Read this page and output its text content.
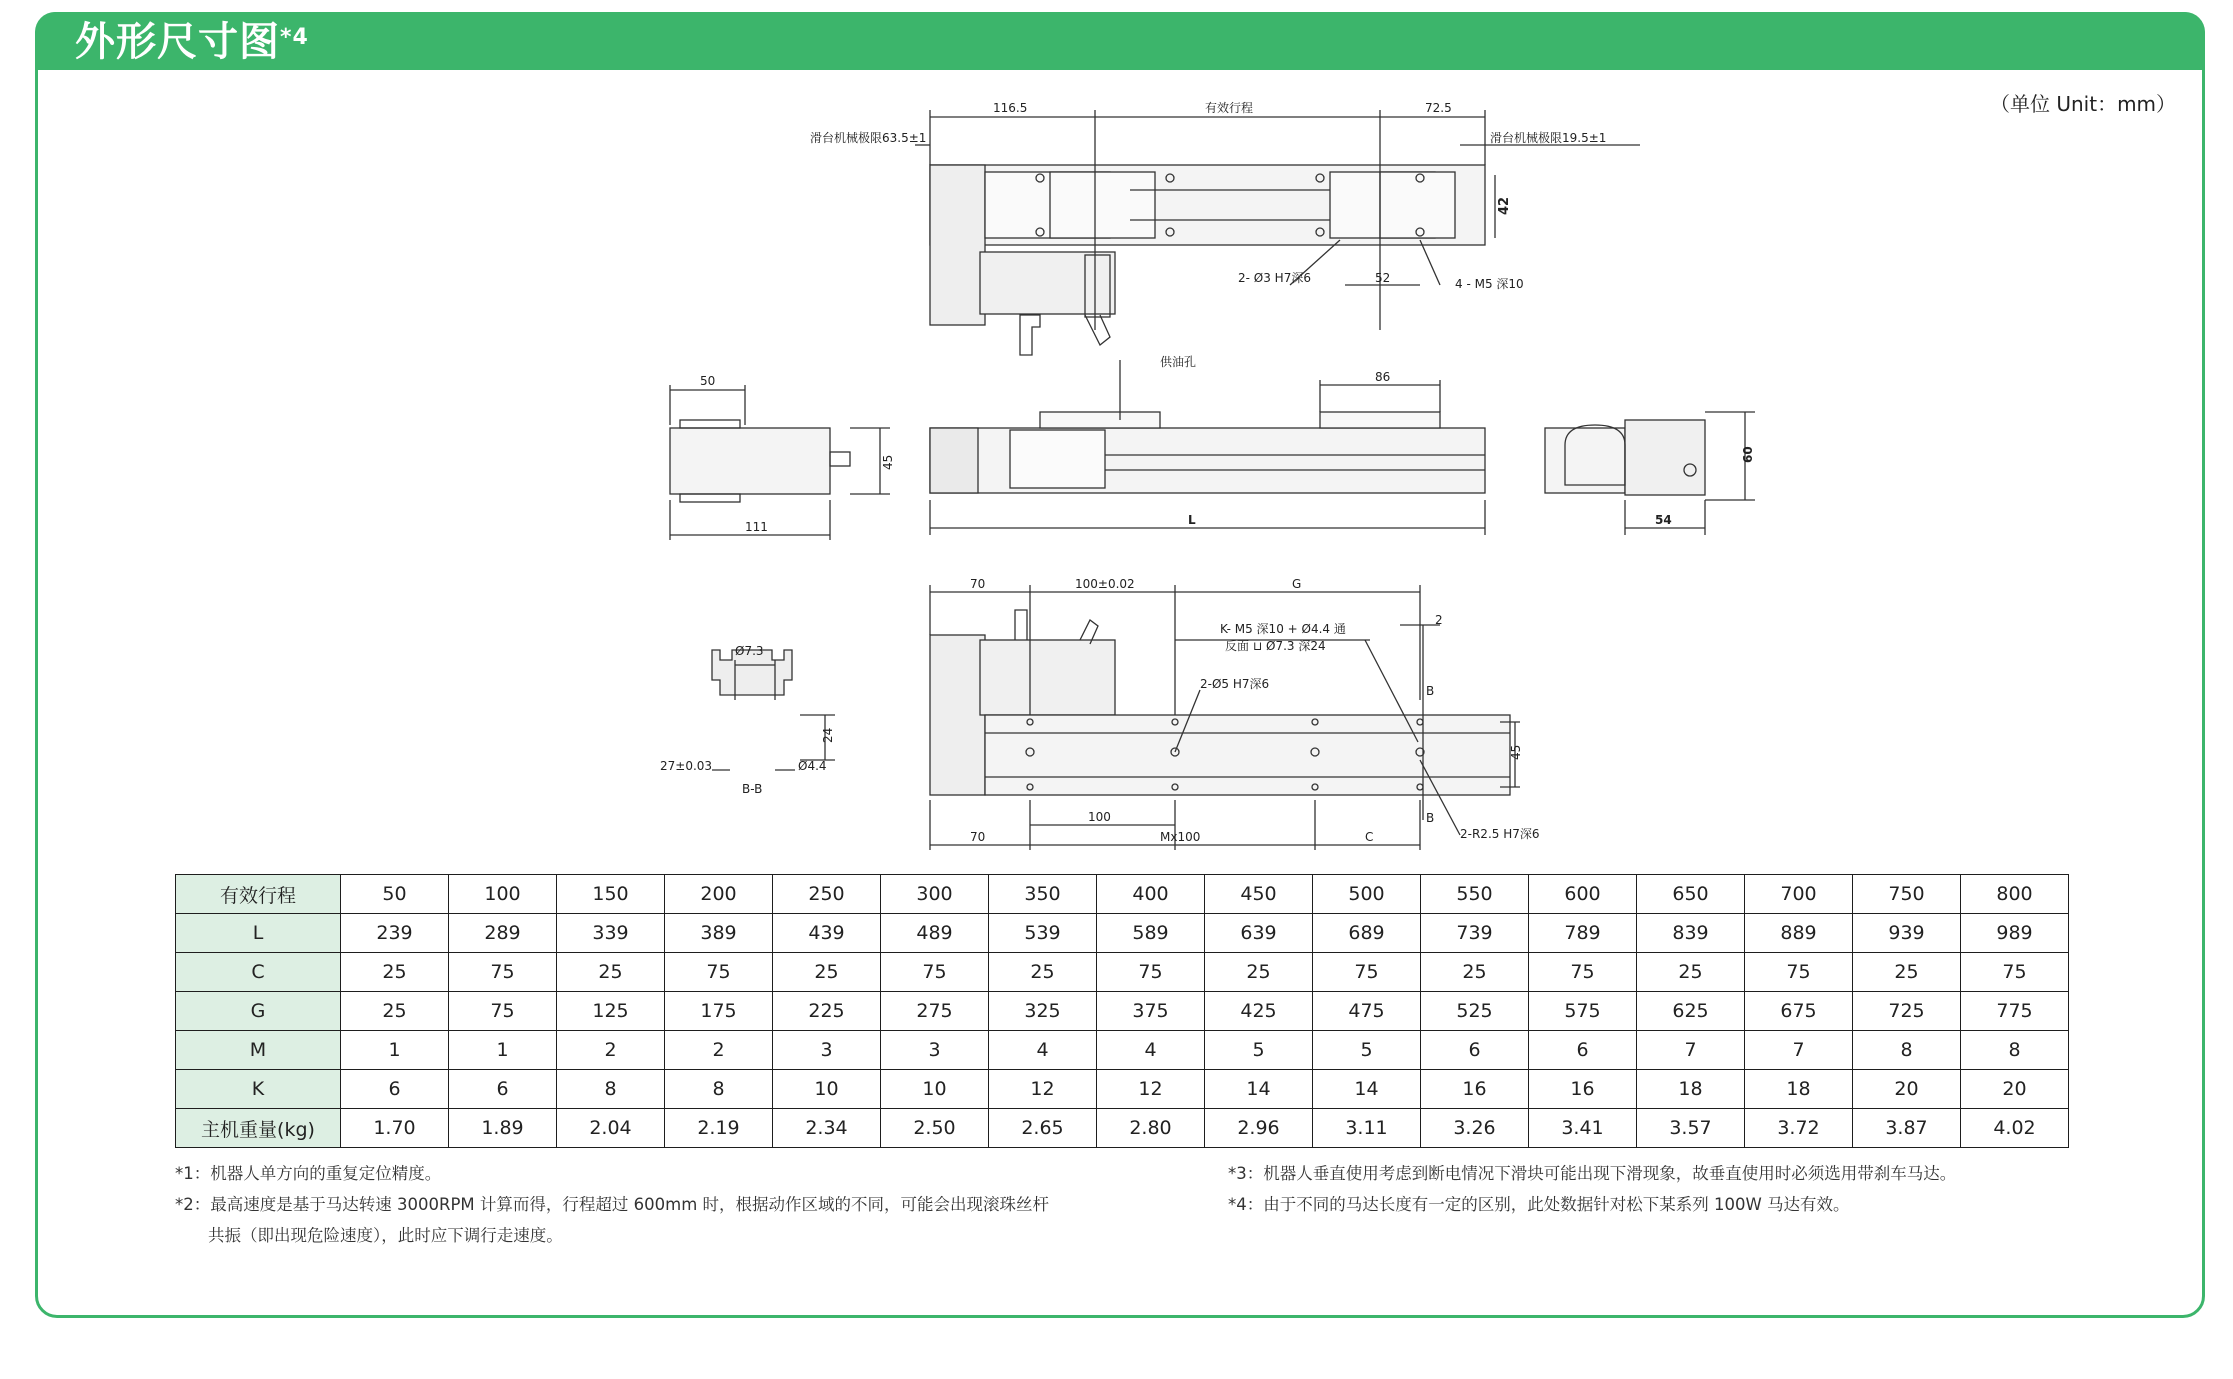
外形尺寸图$^{*4}$
（单位 Unit：mm）
116.5	有效行程	72.5
滑台机械极限63.5±1	滑台机械极限19.5±1
42
2- Ø3 H7深6	52	4 - M5 深10
50
45
111
供油孔
86
L
60
54
Ø7.3
24
27±0.03	Ø4.4
B-B
70	100±0.02	G
K- M5 深10 + Ø4.4 通
反面 ⊔ Ø7.3 深24
2
2-Ø5 H7深6	B
45
B
100
2-R2.5 H7深6
70	Mx100	C
有效行程	50	100	150	200	250	300	350	400	450	500	550	600	650	700	750	800
L	239	289	339	389	439	489	539	589	639	689	739	789	839	889	939	989
C	25	75	25	75	25	75	25	75	25	75	25	75	25	75	25	75
G	25	75	125	175	225	275	325	375	425	475	525	575	625	675	725	775
M	1	1	2	2	3	3	4	4	5	5	6	6	7	7	8	8
K	6	6	8	8	10	10	12	12	14	14	16	16	18	18	20	20
主机重量(kg)	1.70	1.89	2.04	2.19	2.34	2.50	2.65	2.80	2.96	3.11	3.26	3.41	3.57	3.72	3.87	4.02
*1：机器人单方向的重复定位精度。
*2：最高速度是基于马达转速 3000RPM 计算而得，行程超过 600mm 时，根据动作区域的不同，可能会出现滚珠丝杆
　　共振（即出现危险速度），此时应下调行走速度。
*3：机器人垂直使用考虑到断电情况下滑块可能出现下滑现象，故垂直使用时必须选用带刹车马达。
*4：由于不同的马达长度有一定的区别，此处数据针对松下某系列 100W 马达有效。
